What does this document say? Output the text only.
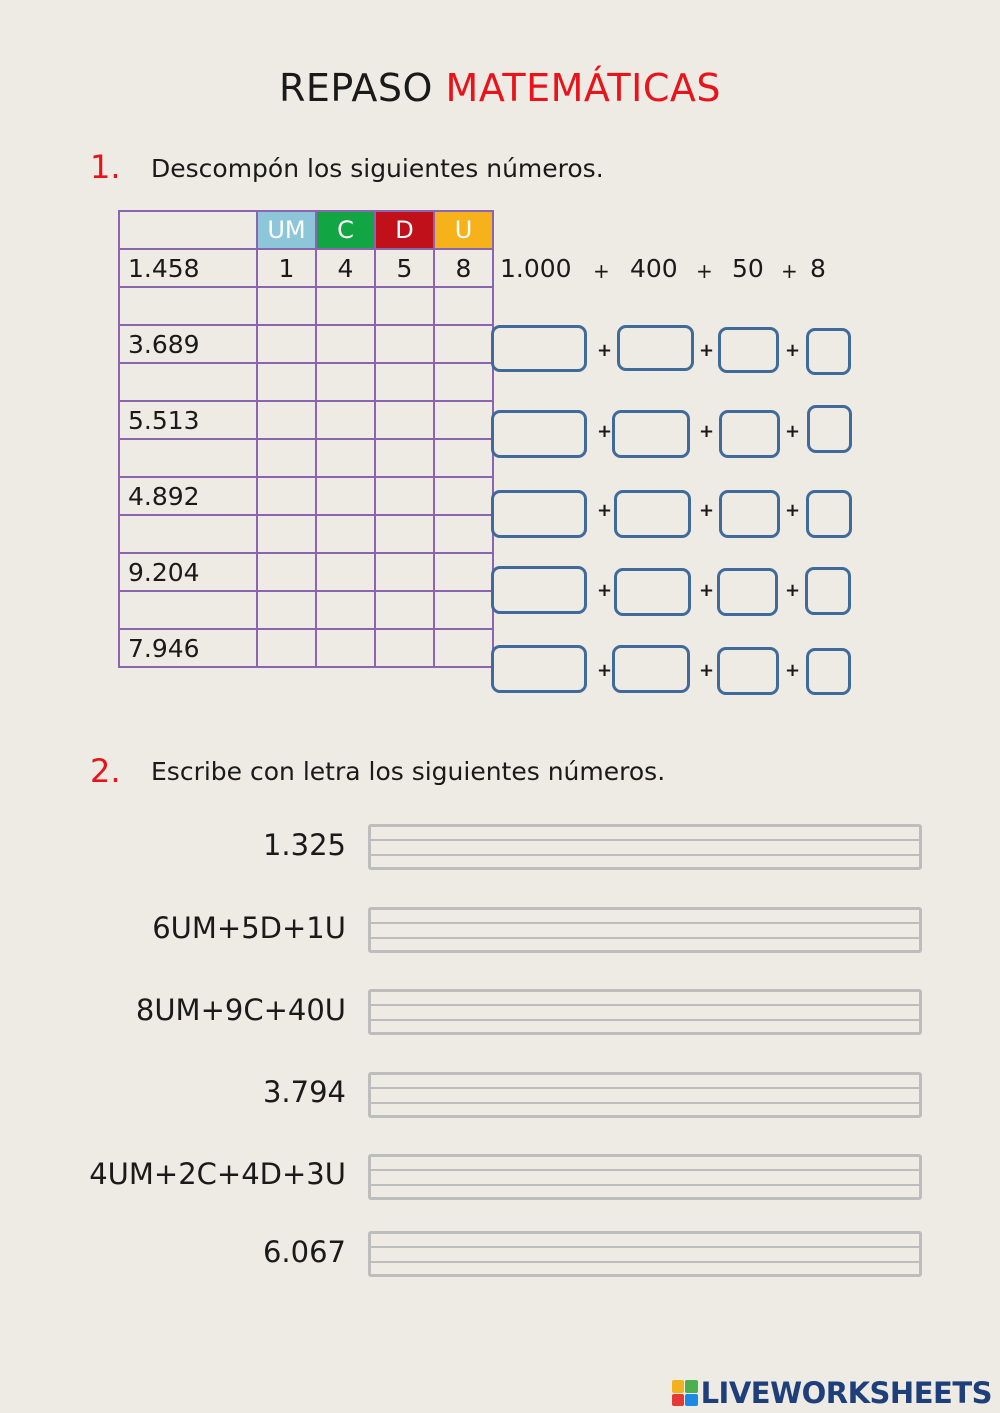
REPASO MATEMÁTICAS
1. Descompón los siguientes números.
	UM	C	D	U
1.458	1	4	5	8

3.689				

5.513				

4.892				

9.204				

7.946				
1.000 + 400 + 50 + 8
+	+	+
+	+	+
+	+	+
+	+	+
+	+	+
2. Escribe con letra los siguientes números.
1.325
6UM+5D+1U
8UM+9C+40U
3.794
4UM+2C+4D+3U
6.067
LIVEWORKSHEETS
